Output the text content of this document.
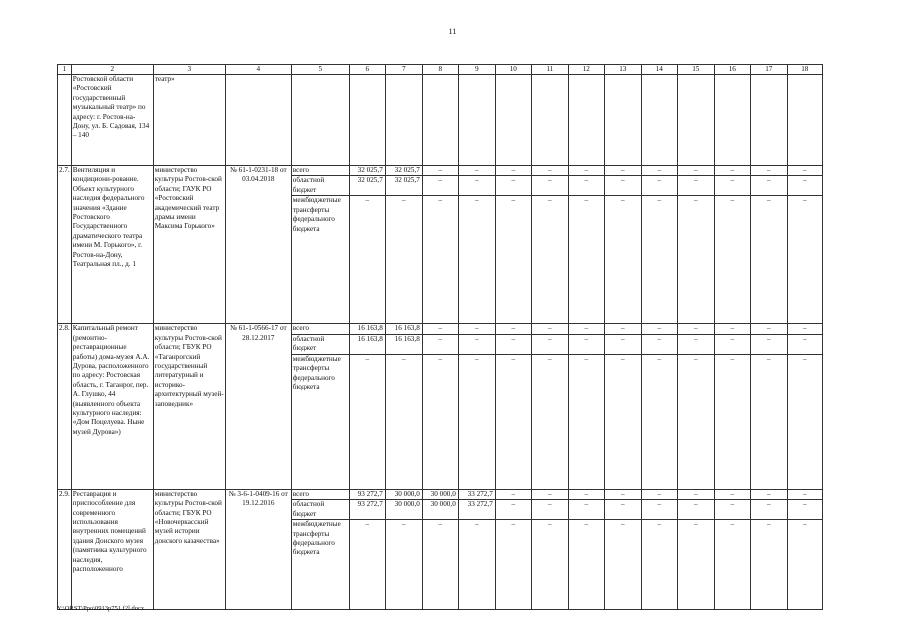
11
1	2	3	4	5	6	7	8	9	10	11	12	13	14	15	16	17	18
	Ростовской области «Ростовский государственный музыкальный театр» по адресу: г. Ростов-на-Дону, ул. Б. Садовая, 134 – 140	театр»															
2.7.	Вентиляция и кондициони-рование. Объект культурного наследия федерального значения «Здание Ростовского Государственного драматического театра имени М. Горького», г. Ростов-на-Дону, Театральная пл., д. 1	министерство культуры Ростов-ской области; ГАУК РО «Ростовский академический театр драмы имени Максима Горького»	№ 61-1-0231-18 от 03.04.2018	всего	32 025,7	32 025,7	–	–	–	–	–	–	–	–	–	–	–
				областной бюджет	32 025,7	32 025,7	–	–	–	–	–	–	–	–	–	–	–
				межбюджетные трансферты федерального бюджета	–	–	–	–	–	–	–	–	–	–	–	–	–
2.8.	Капитальный ремонт (ремонтно-реставрационные работы) дома-музея А.А. Дурова, расположенного по адресу: Ростовская область, г. Таганрог, пер. А. Глушко, 44 (выявленного объекта культурного наследия: «Дом Поцелуева. Ныне музей Дурова»)	министерство культуры Ростов-ской области; ГБУК РО «Таганрогский государственный литературный и историко-архитектурный музей-заповедник»	№ 61-1-0566-17 от 28.12.2017	всего	16 163,8	16 163,8	–	–	–	–	–	–	–	–	–	–	–
				областной бюджет	16 163,8	16 163,8	–	–	–	–	–	–	–	–	–	–	–
				межбюджетные трансферты федерального бюджета	–	–	–	–	–	–	–	–	–	–	–	–	–
2.9.	Реставрация и приспособление для современного использования внутренних помещений здания Донского музея (памятника культурного наследия, расположенного	министерство культуры Ростов-ской области; ГБУК РО «Новочеркасский музей истории донского казачества»	№ 3-6-1-0409-16 от 19.12.2016	всего	93 272,7	30 000,0	30 000,0	33 272,7	–	–	–	–	–	–	–	–	–
				областной бюджет	93 272,7	30 000,0	30 000,0	33 272,7	–	–	–	–	–	–	–	–	–
				межбюджетные трансферты федерального бюджета	–	–	–	–	–	–	–	–	–	–	–	–	–
Y:\ORST\Ppo\0913p751.f2l.docx
